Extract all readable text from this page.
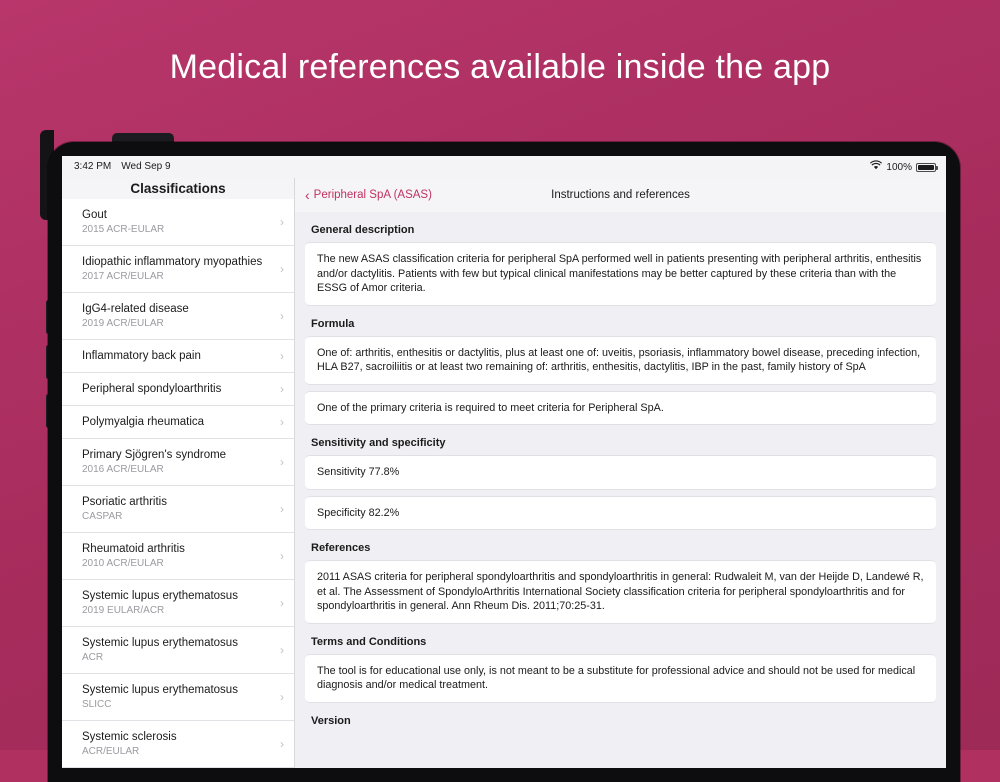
Medical references available inside the app
3:42 PM Wed Sep 9	100%
Classifications
Gout
2015 ACR-EULAR
›
Idiopathic inflammatory myopathies
2017 ACR/EULAR
›
IgG4-related disease
2019 ACR/EULAR
›
Inflammatory back pain	›
Peripheral spondyloarthritis	›
Polymyalgia rheumatica	›
Primary Sjögren's syndrome
2016 ACR/EULAR
›
Psoriatic arthritis
CASPAR
›
Rheumatoid arthritis
2010 ACR/EULAR
›
Systemic lupus erythematosus
2019 EULAR/ACR
›
Systemic lupus erythematosus
ACR
›
Systemic lupus erythematosus
SLICC
›
Systemic sclerosis
ACR/EULAR
›
‹ Peripheral SpA (ASAS)	Instructions and references
General description
The new ASAS classification criteria for peripheral SpA performed well in patients presenting with peripheral arthritis, enthesitis and/or dactylitis. Patients with few but typical clinical manifestations may be better captured by these criteria than with the ESSG of Amor criteria.
Formula
One of: arthritis, enthesitis or dactylitis, plus at least one of: uveitis, psoriasis, inflammatory bowel disease, preceding infection, HLA B27, sacroiliitis or at least two remaining of: arthritis, enthesitis, dactylitis, IBP in the past, family history of SpA
One of the primary criteria is required to meet criteria for Peripheral SpA.
Sensitivity and specificity
Sensitivity 77.8%
Specificity 82.2%
References
2011 ASAS criteria for peripheral spondyloarthritis and spondyloarthritis in general: Rudwaleit M, van der Heijde D, Landewé R, et al. The Assessment of SpondyloArthritis International Society classification criteria for peripheral spondyloarthritis and for spondyloarthritis in general. Ann Rheum Dis. 2011;70:25-31.
Terms and Conditions
The tool is for educational use only, is not meant to be a substitute for professional advice and should not be used for medical diagnosis and/or medical treatment.
Version
